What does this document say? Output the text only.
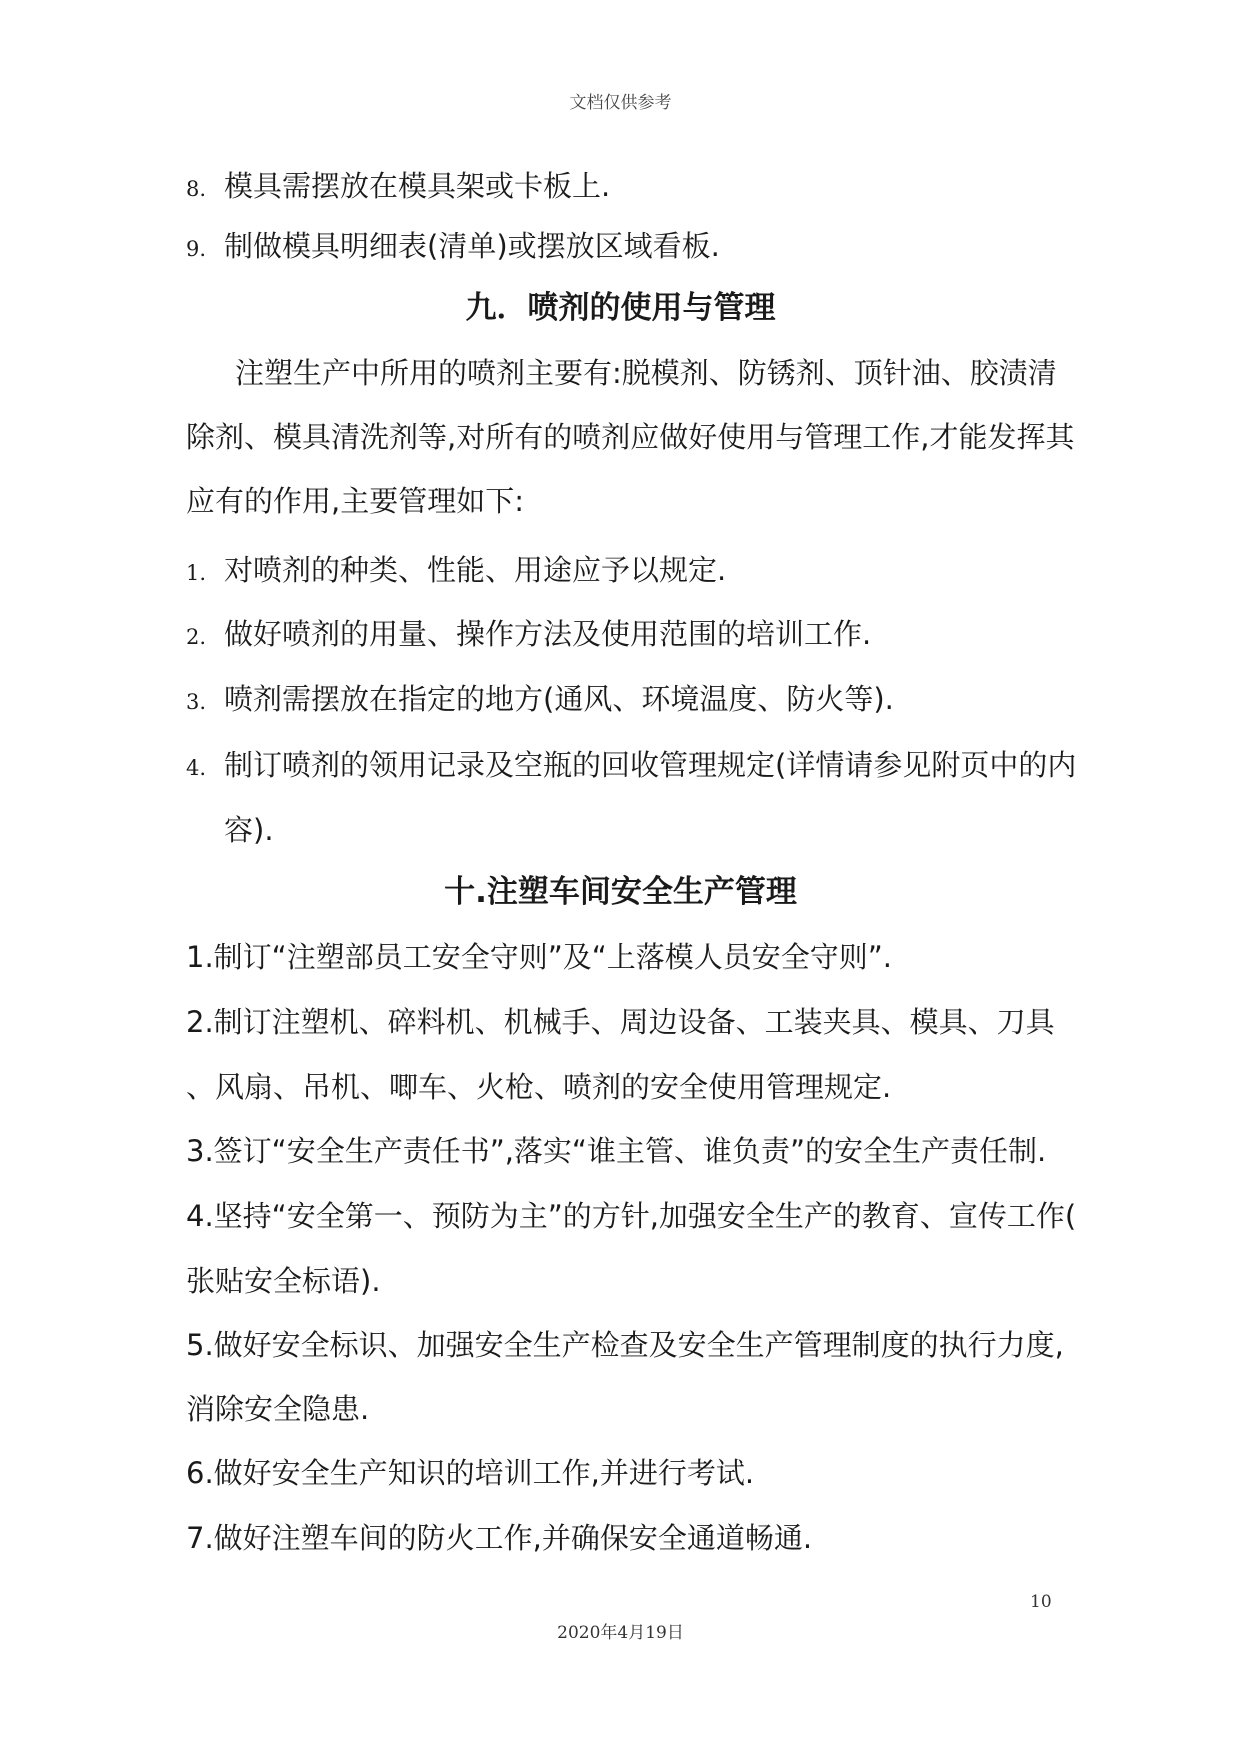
文档仅供参考
8. 模具需摆放在模具架或卡板上.
9. 制做模具明细表(清单)或摆放区域看板.
九．喷剂的使用与管理
注塑生产中所用的喷剂主要有:脱模剂、防锈剂、顶针油、胶渍清
除剂、模具清洗剂等,对所有的喷剂应做好使用与管理工作,才能发挥其
应有的作用,主要管理如下:
1. 对喷剂的种类、性能、用途应予以规定.
2. 做好喷剂的用量、操作方法及使用范围的培训工作.
3. 喷剂需摆放在指定的地方(通风、环境温度、防火等).
4. 制订喷剂的领用记录及空瓶的回收管理规定(详情请参见附页中的内
容).
十.注塑车间安全生产管理
1.制订“注塑部员工安全守则”及“上落模人员安全守则”.
2.制订注塑机、碎料机、机械手、周边设备、工装夹具、模具、刀具
、风扇、吊机、唧车、火枪、喷剂的安全使用管理规定.
3.签订“安全生产责任书”,落实“谁主管、谁负责”的安全生产责任制.
4.坚持“安全第一、预防为主”的方针,加强安全生产的教育、宣传工作(
张贴安全标语).
5.做好安全标识、加强安全生产检查及安全生产管理制度的执行力度,
消除安全隐患.
6.做好安全生产知识的培训工作,并进行考试.
7.做好注塑车间的防火工作,并确保安全通道畅通.
10
2020年4月19日
